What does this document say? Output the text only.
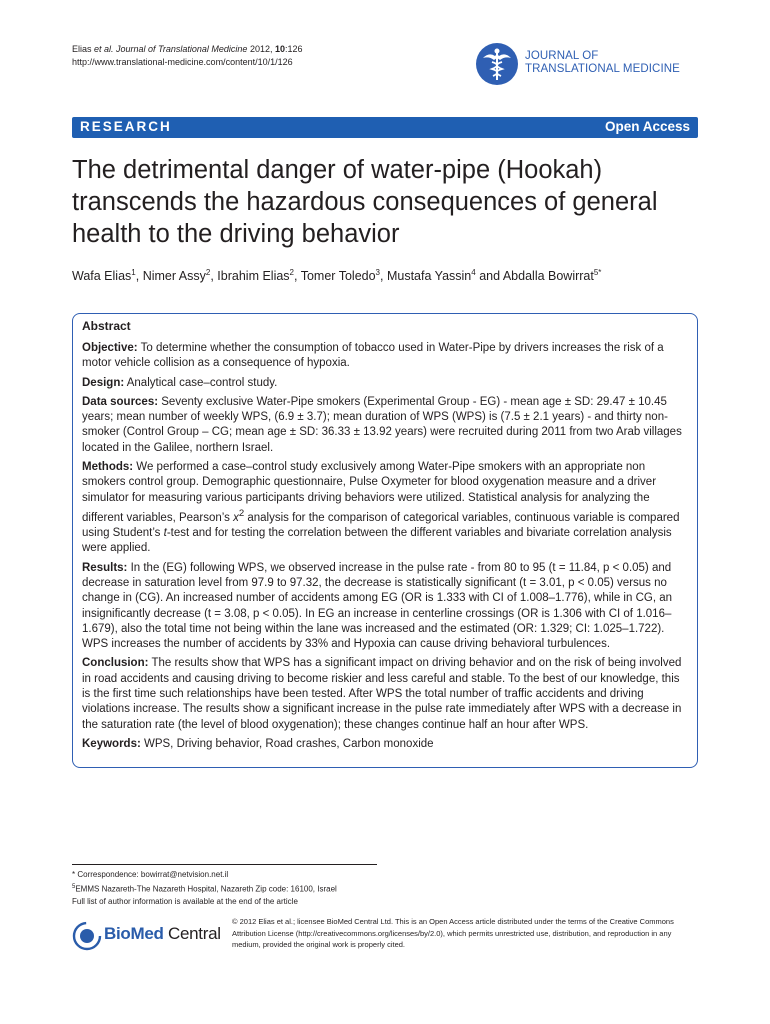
Elias et al. Journal of Translational Medicine 2012, 10:126
http://www.translational-medicine.com/content/10/1/126	JOURNAL OF
TRANSLATIONAL MEDICINE
RESEARCH	Open Access
The detrimental danger of water-pipe (Hookah) transcends the hazardous consequences of general health to the driving behavior
Wafa Elias$^1$, Nimer Assy$^2$, Ibrahim Elias$^2$, Tomer Toledo$^3$, Mustafa Yassin$^4$ and Abdalla Bowirrat$^{5*}$
Abstract

Objective: To determine whether the consumption of tobacco used in Water-Pipe by drivers increases the risk of a motor vehicle collision as a consequence of hypoxia.

Design: Analytical case–control study.

Data sources: Seventy exclusive Water-Pipe smokers (Experimental Group - EG) - mean age ± SD: 29.47 ± 10.45 years; mean number of weekly WPS, (6.9 ± 3.7); mean duration of WPS (WPS) is (7.5 ± 2.1 years) - and thirty non-smoker (Control Group – CG; mean age ± SD: 36.33 ± 13.92 years) were recruited during 2011 from two Arab villages located in the Galilee, northern Israel.

Methods: We performed a case–control study exclusively among Water-Pipe smokers with an appropriate non smokers control group. Demographic questionnaire, Pulse Oxymeter for blood oxygenation measure and a driver simulator for measuring various participants driving behaviors were utilized. Statistical analysis for analyzing the different variables, Pearson’s $x^2$ analysis for the comparison of categorical variables, continuous variable is compared using Student’s t-test and for testing the correlation between the different variables and bivariate correlation analysis were applied.

Results: In the (EG) following WPS, we observed increase in the pulse rate - from 80 to 95 (t = 11.84, p < 0.05) and decrease in saturation level from 97.9 to 97.32, the decrease is statistically significant (t = 3.01, p < 0.05) versus no change in (CG). An increased number of accidents among EG (OR is 1.333 with CI of 1.008–1.776), while in CG, an insignificantly decrease (t = 3.08, p < 0.05). In EG an increase in centerline crossings (OR is 1.306 with CI of 1.016–1.679), also the total time not being within the lane was increased and the estimated (OR: 1.329; CI: 1.025–1.722). WPS increases the number of accidents by 33% and Hypoxia can cause driving behavioral turbulences.

Conclusion: The results show that WPS has a significant impact on driving behavior and on the risk of being involved in road accidents and causing driving to become riskier and less careful and stable. To the best of our knowledge, this is the first time such relationships have been tested. After WPS the total number of traffic accidents and driving violations increase. The results show a significant increase in the pulse rate immediately after WPS with a decrease in the saturation rate (the level of blood oxygenation); these changes continue half an hour after WPS.

Keywords: WPS, Driving behavior, Road crashes, Carbon monoxide

* Correspondence: bowirrat@netvision.net.il
$^5$EMMS Nazareth-The Nazareth Hospital, Nazareth Zip code: 16100, Israel
Full list of author information is available at the end of the article
BioMed Central
© 2012 Elias et al.; licensee BioMed Central Ltd. This is an Open Access article distributed under the terms of the Creative Commons Attribution License (http://creativecommons.org/licenses/by/2.0), which permits unrestricted use, distribution, and reproduction in any medium, provided the original work is properly cited.
